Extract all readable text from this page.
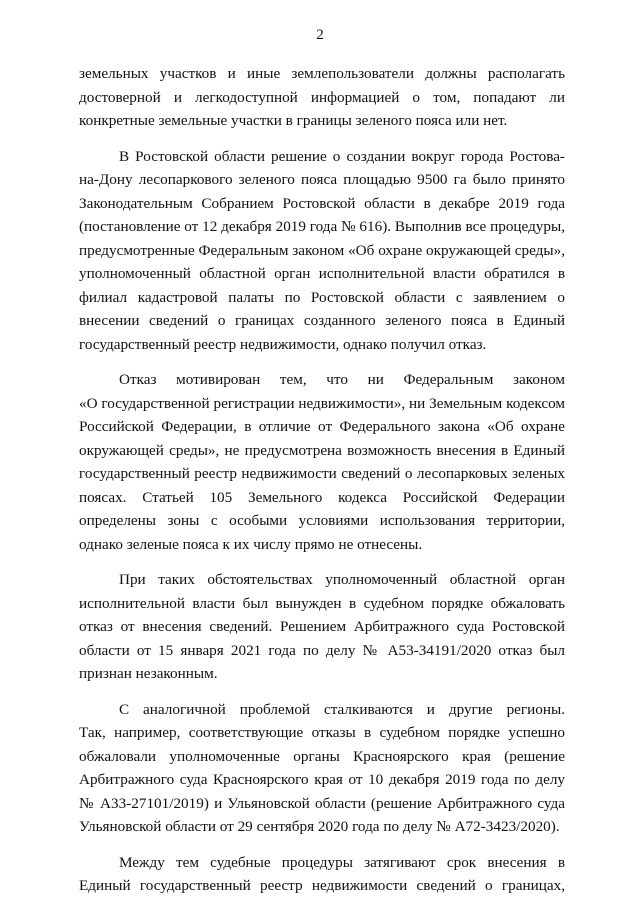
2
земельных участков и иные землепользователи должны располагать
достоверной и легкодоступной информацией о том, попадают ли
конкретные земельные участки в границы зеленого пояса или нет.
В Ростовской области решение о создании вокруг города Ростова-
на-Дону лесопаркового зеленого пояса площадью 9500 га было принято
Законодательным Собранием Ростовской области в декабре 2019 года
(постановление от 12 декабря 2019 года № 616). Выполнив все процедуры,
предусмотренные Федеральным законом «Об охране окружающей среды»,
уполномоченный областной орган исполнительной власти обратился в
филиал кадастровой палаты по Ростовской области с заявлением о
внесении сведений о границах созданного зеленого пояса в Единый
государственный реестр недвижимости, однако получил отказ.
Отказ мотивирован тем, что ни Федеральным законом
«О государственной регистрации недвижимости», ни Земельным кодексом
Российской Федерации, в отличие от Федерального закона «Об охране
окружающей среды», не предусмотрена возможность внесения в Единый
государственный реестр недвижимости сведений о лесопарковых зеленых
поясах. Статьей 105 Земельного кодекса Российской Федерации
определены зоны с особыми условиями использования территории,
однако зеленые пояса к их числу прямо не отнесены.
При таких обстоятельствах уполномоченный областной орган
исполнительной власти был вынужден в судебном порядке обжаловать
отказ от внесения сведений. Решением Арбитражного суда Ростовской
области от 15 января 2021 года по делу № А53-34191/2020 отказ был
признан незаконным.
С аналогичной проблемой сталкиваются и другие регионы.
Так, например, соответствующие отказы в судебном порядке успешно
обжаловали уполномоченные органы Красноярского края (решение
Арбитражного суда Красноярского края от 10 декабря 2019 года по делу
№ А33-27101/2019) и Ульяновской области (решение Арбитражного суда
Ульяновской области от 29 сентября 2020 года по делу № А72-3423/2020).
Между тем судебные процедуры затягивают срок внесения в
Единый государственный реестр недвижимости сведений о границах,
